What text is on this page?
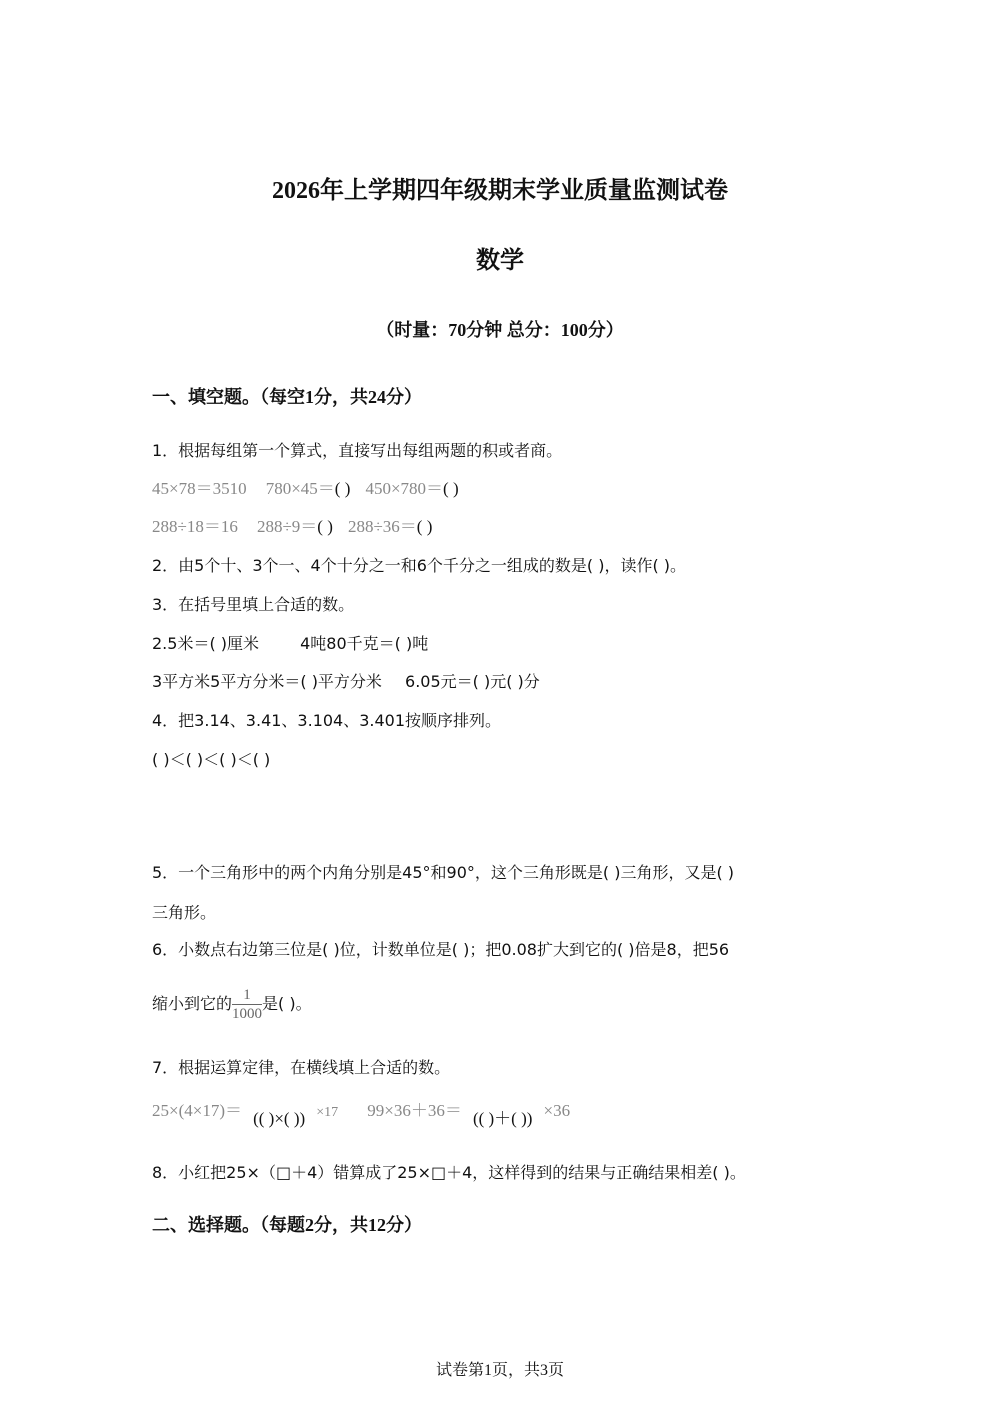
2026年上学期四年级期末学业质量监测试卷
数学
（时量：70分钟 总分：100分）
一、填空题。（每空1分，共24分）
1．根据每组第一个算式，直接写出每组两题的积或者商。
45×78＝3510 780×45＝( ) 450×780＝( )
288÷18＝16 288÷9＝( ) 288÷36＝( )
2．由5个十、3个一、4个十分之一和6个千分之一组成的数是( )，读作( )。
3．在括号里填上合适的数。
2.5米＝( )厘米	4吨80千克＝( )吨
3平方米5平方分米＝( )平方分米 6.05元＝( )元( )分
4．把3.14、3.41、3.104、3.401按顺序排列。
( )＜( )＜( )＜( )
5．一个三角形中的两个内角分别是45°和90°，这个三角形既是( )三角形，又是( )
三角形。
6．小数点右边第三位是( )位，计数单位是( )；把0.08扩大到它的( )倍是8，把56
缩小到它的 $\frac{1}{1000}$ 是( )。
7．根据运算定律，在横线填上合适的数。
25×(4×17)＝ (( )×( )) ×17 99×36＋36＝ (( )＋( )) ×36
8．小红把25×（□＋4）错算成了25×□＋4，这样得到的结果与正确结果相差( )。
二、选择题。（每题2分，共12分）
试卷第1页，共3页
